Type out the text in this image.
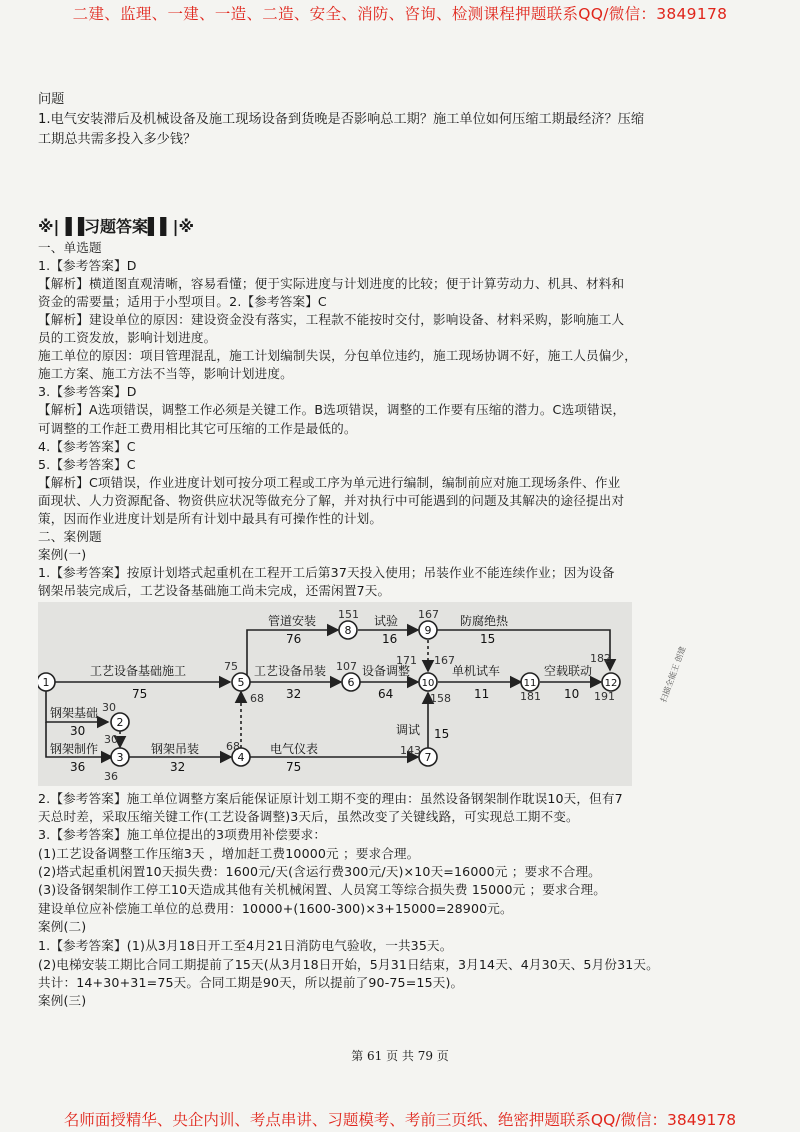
二建、监理、一建、一造、二造、安全、消防、咨询、检测课程押题联系QQ/微信：3849178
问题
1.电气安装滞后及机械设备及施工现场设备到货晚是否影响总工期？施工单位如何压缩工期最经济？压缩
工期总共需多投入多少钱？
※|▐▐习题答案▌▌|※
一、单选题
1.【参考答案】D
【解析】横道图直观清晰，容易看懂；便于实际进度与计划进度的比较；便于计算劳动力、机具、材料和
资金的需要量；适用于小型项目。2.【参考答案】C
【解析】建设单位的原因：建设资金没有落实，工程款不能按时交付，影响设备、材料采购，影响施工人
员的工资发放，影响计划进度。
施工单位的原因：项目管理混乱，施工计划编制失误，分包单位违约，施工现场协调不好，施工人员偏少，
施工方案、施工方法不当等，影响计划进度。
3.【参考答案】D
【解析】A选项错误，调整工作必须是关键工作。B选项错误，调整的工作要有压缩的潜力。C选项错误，
可调整的工作赶工费用相比其它可压缩的工作是最低的。
4.【参考答案】C
5.【参考答案】C
【解析】C项错误，作业进度计划可按分项工程或工序为单元进行编制，编制前应对施工现场条件、作业
面现状、人力资源配备、物资供应状况等做充分了解，并对执行中可能遇到的问题及其解决的途径提出对
策，因而作业进度计划是所有计划中最具有可操作性的计划。
二、案例题
案例(一)
1.【参考答案】按原计划塔式起重机在工程开工后第37天投入使用；吊装作业不能连续作业；因为设备
钢架吊装完成后，工艺设备基础施工尚未完成，还需闲置7天。
1
2
3	4
5	6
7
8	9
10	11	12
工艺设备基础施工
75
钢架基础
30
钢架制作
36
钢架吊装
32
电气仪表
75
管道安装
76
试验
16
防腐绝热
15
工艺设备吊装
32
设备调整
64
单机试车
11
空载联动
10
调试 15
30
30
36
68
68
75	107
143
151
158
167
167
171
181
182
191	扫描全能王 创建
2.【参考答案】施工单位调整方案后能保证原计划工期不变的理由：虽然设备钢架制作耽误10天，但有7
天总时差，采取压缩关键工作(工艺设备调整)3天后，虽然改变了关键线路，可实现总工期不变。
3.【参考答案】施工单位提出的3项费用补偿要求：
(1)工艺设备调整工作压缩3天 ，增加赶工费10000元 ；要求合理。
(2)塔式起重机闲置10天损失费：1600元/天(含运行费300元/天)×10天=16000元 ；要求不合理。
(3)设备钢架制作工停工10天造成其他有关机械闲置、人员窝工等综合损失费 15000元 ；要求合理。
建设单位应补偿施工单位的总费用：10000+(1600-300)×3+15000=28900元。
案例(二)
1.【参考答案】(1)从3月18日开工至4月21日消防电气验收，一共35天。
(2)电梯安装工期比合同工期提前了15天(从3月18日开始，5月31日结束，3月14天、4月30天、5月份31天。
共计：14+30+31=75天。合同工期是90天，所以提前了90-75=15天)。
案例(三)
第 61 页 共 79 页
名师面授精华、央企内训、考点串讲、习题模考、考前三页纸、绝密押题联系QQ/微信：3849178
